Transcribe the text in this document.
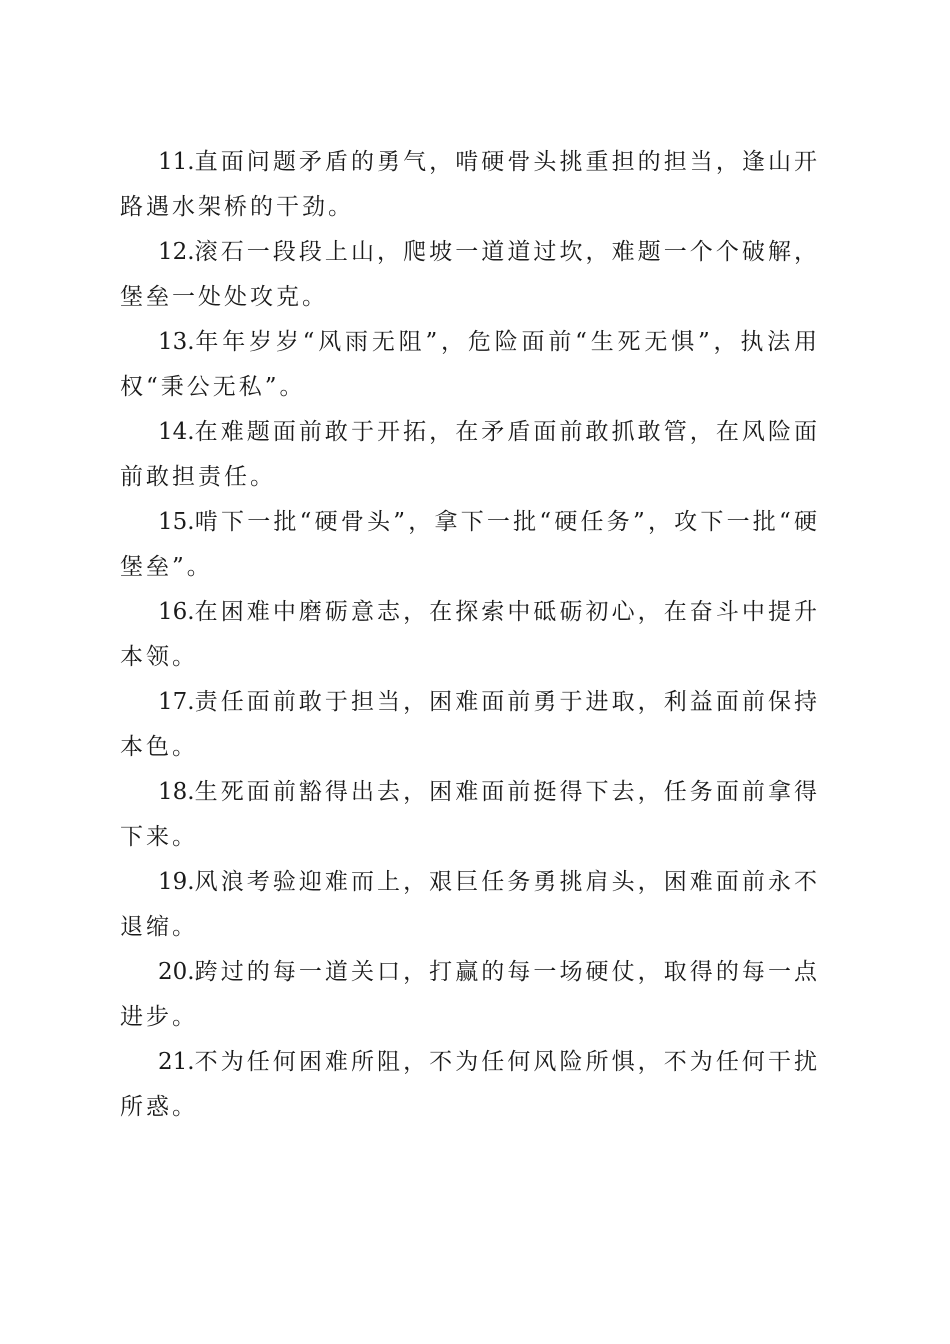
11.直面问题矛盾的勇气，啃硬骨头挑重担的担当，逢山开路遇水架桥的干劲。

12.滚石一段段上山，爬坡一道道过坎，难题一个个破解，堡垒一处处攻克。

13.年年岁岁“风雨无阻”，危险面前“生死无惧”，执法用权“秉公无私”。

14.在难题面前敢于开拓，在矛盾面前敢抓敢管，在风险面前敢担责任。

15.啃下一批“硬骨头”，拿下一批“硬任务”，攻下一批“硬堡垒”。

16.在困难中磨砺意志，在探索中砥砺初心，在奋斗中提升本领。

17.责任面前敢于担当，困难面前勇于进取，利益面前保持本色。

18.生死面前豁得出去，困难面前挺得下去，任务面前拿得下来。

19.风浪考验迎难而上，艰巨任务勇挑肩头，困难面前永不退缩。

20.跨过的每一道关口，打赢的每一场硬仗，取得的每一点进步。

21.不为任何困难所阻，不为任何风险所惧，不为任何干扰所惑。
